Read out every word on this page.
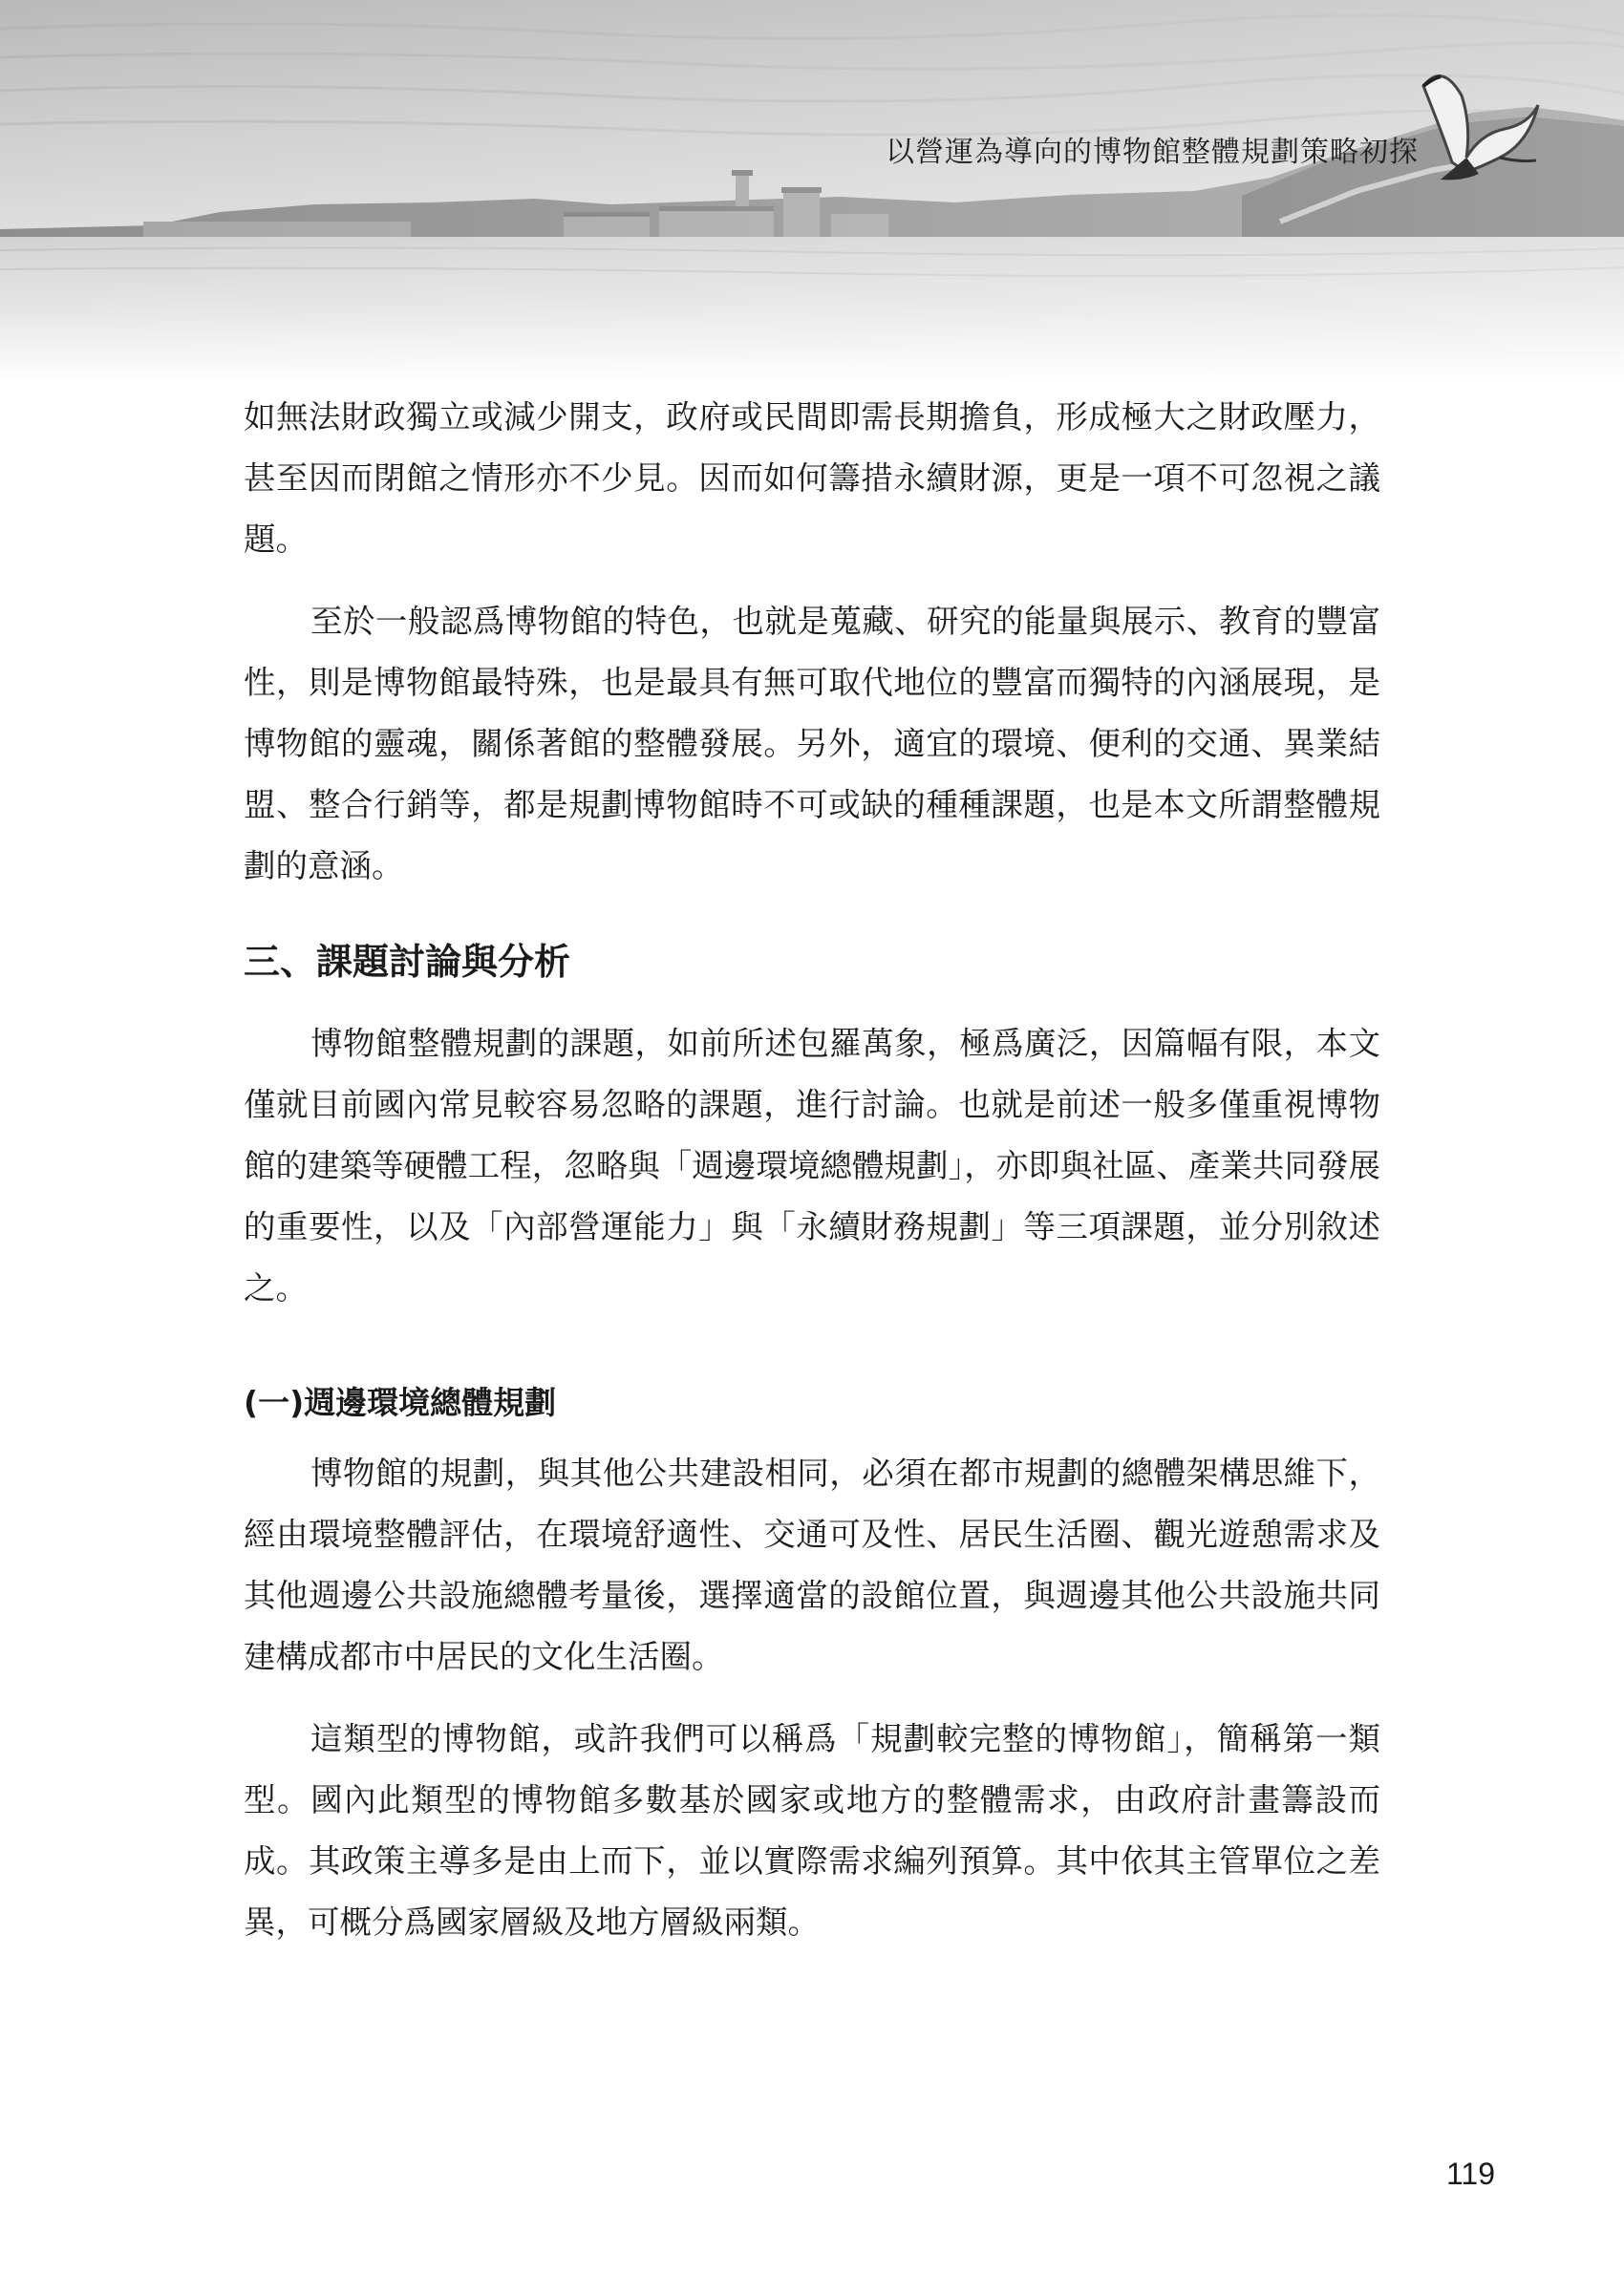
以營運為導向的博物館整體規劃策略初探

如無法財政獨立或減少開支，政府或民間即需長期擔負，形成極大之財政壓力，甚至因而閉館之情形亦不少見。因而如何籌措永續財源，更是一項不可忽視之議題。

至於一般認爲博物館的特色，也就是蒐藏、研究的能量與展示、教育的豐富性，則是博物館最特殊，也是最具有無可取代地位的豐富而獨特的內涵展現，是博物館的靈魂，關係著館的整體發展。另外，適宜的環境、便利的交通、異業結盟、整合行銷等，都是規劃博物館時不可或缺的種種課題，也是本文所謂整體規劃的意涵。

三、課題討論與分析

博物館整體規劃的課題，如前所述包羅萬象，極爲廣泛，因篇幅有限，本文僅就目前國內常見較容易忽略的課題，進行討論。也就是前述一般多僅重視博物館的建築等硬體工程，忽略與「週邊環境總體規劃」，亦即與社區、產業共同發展的重要性，以及「內部營運能力」與「永續財務規劃」等三項課題，並分別敘述之。

(一)週邊環境總體規劃

博物館的規劃，與其他公共建設相同，必須在都市規劃的總體架構思維下，經由環境整體評估，在環境舒適性、交通可及性、居民生活圈、觀光遊憩需求及其他週邊公共設施總體考量後，選擇適當的設館位置，與週邊其他公共設施共同建構成都市中居民的文化生活圈。

這類型的博物館，或許我們可以稱爲「規劃較完整的博物館」，簡稱第一類型。國內此類型的博物館多數基於國家或地方的整體需求，由政府計畫籌設而成。其政策主導多是由上而下，並以實際需求編列預算。其中依其主管單位之差異，可概分爲國家層級及地方層級兩類。

119
